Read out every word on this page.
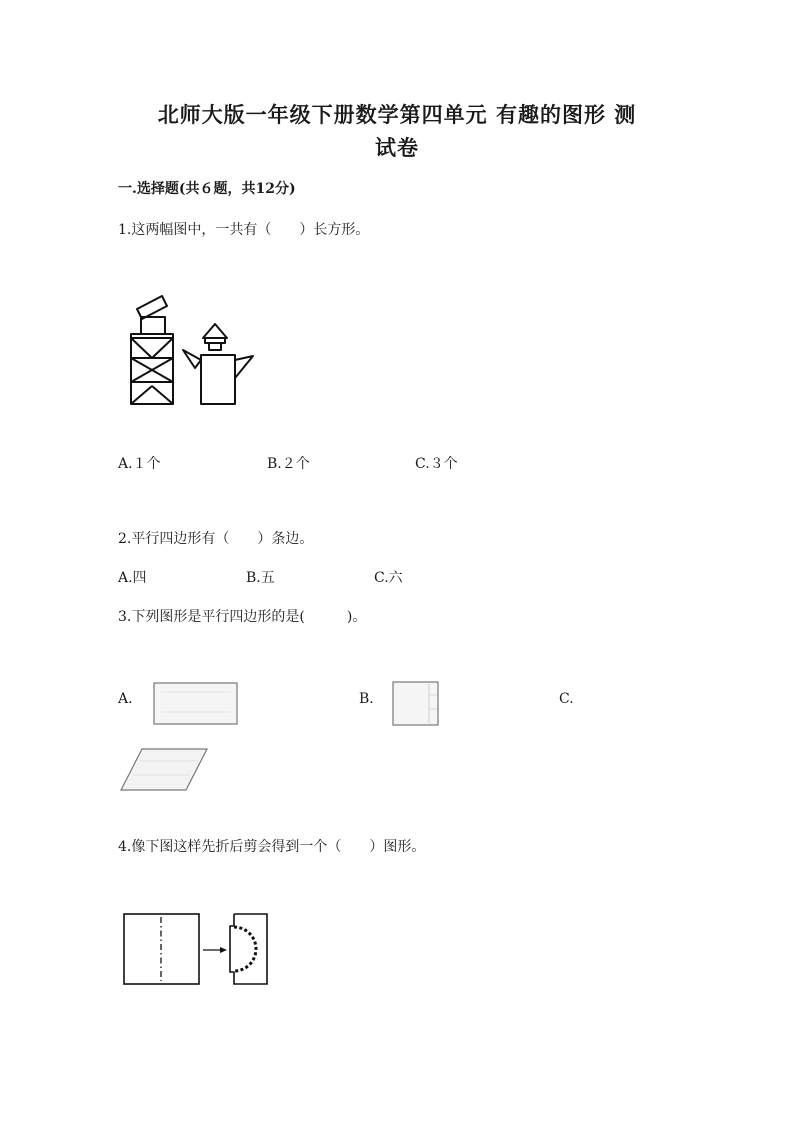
北师大版一年级下册数学第四单元 有趣的图形 测
试卷
一.选择题(共６题，共12分)
1.这两幅图中，一共有（　　）长方形。
A.１个	B.２个	C.３个
2.平行四边形有（　　）条边。
A.四	B.五	C.六
3.下列图形是平行四边形的是(　　　)。
A.	B.	C.
4.像下图这样先折后剪会得到一个（　　）图形。
